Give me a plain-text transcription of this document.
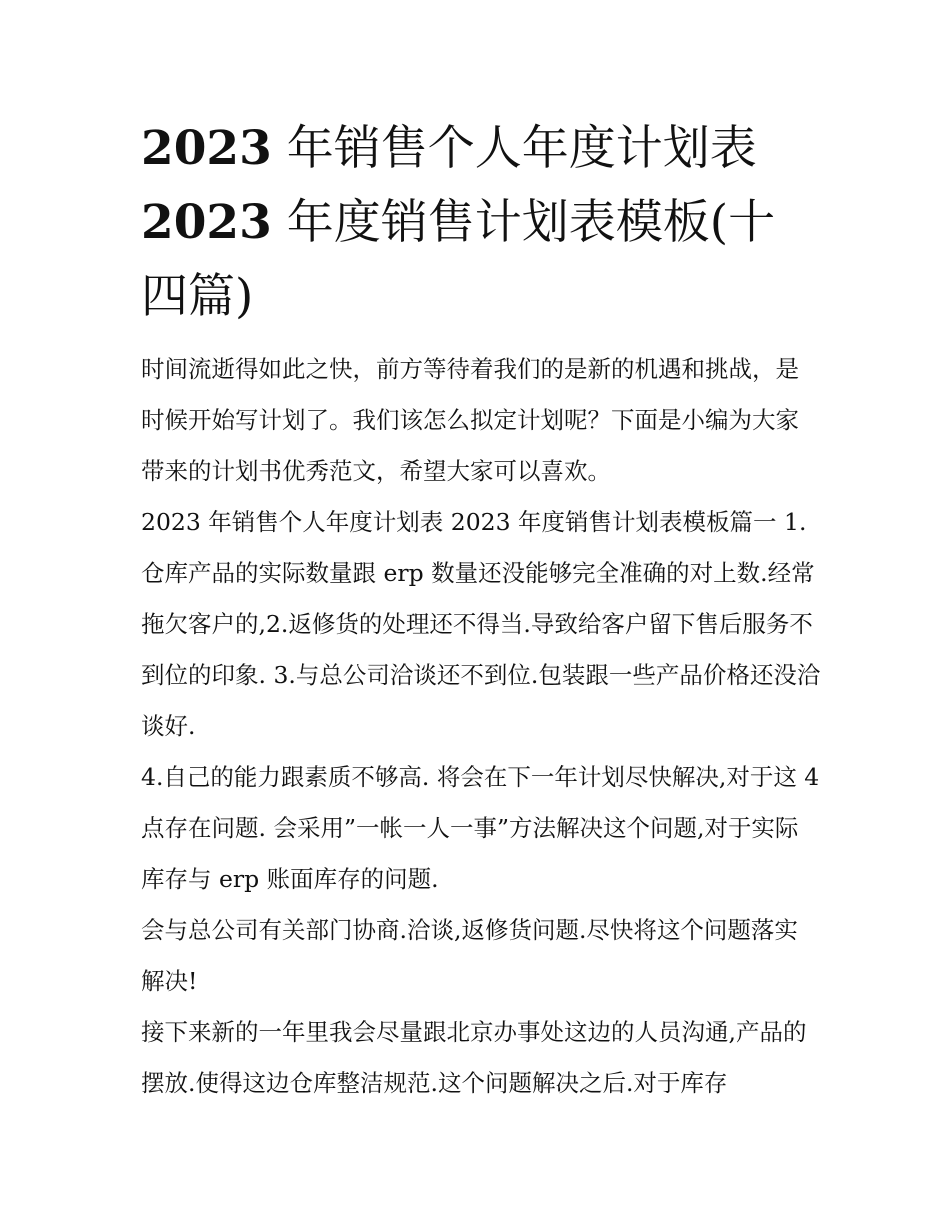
2023 年销售个人年度计划表
2023 年度销售计划表模板(十四篇)

时间流逝得如此之快，前方等待着我们的是新的机遇和挑战，是时候开始写计划了。我们该怎么拟定计划呢？下面是小编为大家带来的计划书优秀范文，希望大家可以喜欢。

2023 年销售个人年度计划表 2023 年度销售计划表模板篇一 1.仓库产品的实际数量跟 erp 数量还没能够完全准确的对上数.经常拖欠客户的,2.返修货的处理还不得当.导致给客户留下售后服务不到位的印象. 3.与总公司洽谈还不到位.包装跟一些产品价格还没洽谈好.

4.自己的能力跟素质不够高. 将会在下一年计划尽快解决,对于这 4 点存在问题. 会采用”一帐一人一事”方法解决这个问题,对于实际库存与 erp 账面库存的问题.

会与总公司有关部门协商.洽谈,返修货问题.尽快将这个问题落实解决!

接下来新的一年里我会尽量跟北京办事处这边的人员沟通,产品的摆放.使得这边仓库整洁规范.这个问题解决之后.对于库存
